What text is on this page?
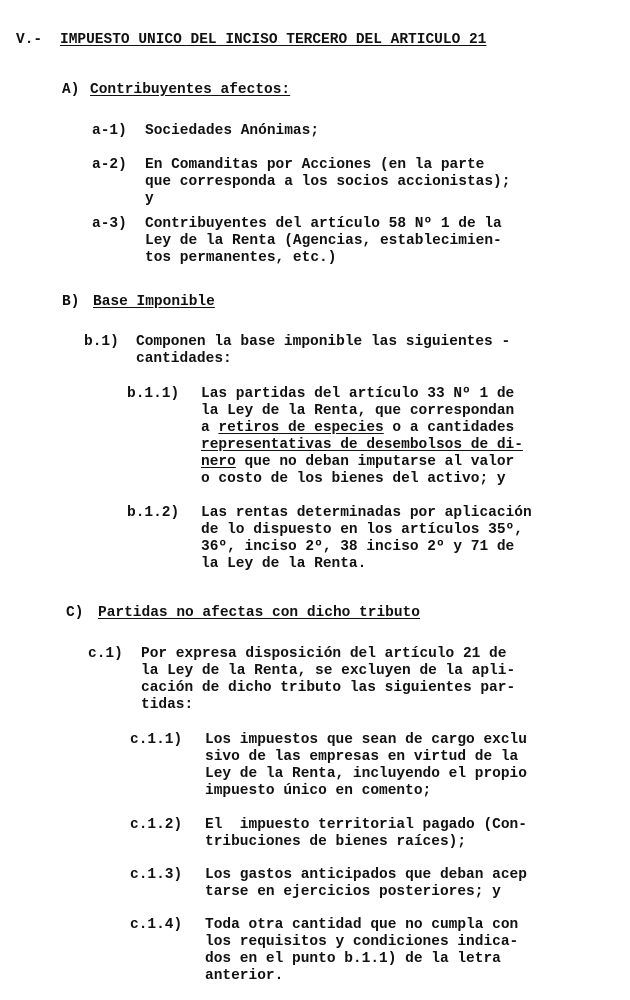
V.- IMPUESTO UNICO DEL INCISO TERCERO DEL ARTICULO 21
A) Contribuyentes afectos:
a-1) Sociedades Anónimas;
a-2) En Comanditas por Acciones (en la parte
que corresponda a los socios accionistas);
y
a-3) Contribuyentes del artículo 58 Nº 1 de la
Ley de la Renta (Agencias, establecimien-
tos permanentes, etc.)
B) Base Imponible
b.1) Componen la base imponible las siguientes -
cantidades:
b.1.1) Las partidas del artículo 33 Nº 1 de
la Ley de la Renta, que correspondan
a retiros de especies o a cantidades
representativas de desembolsos de di-
nero que no deban imputarse al valor
o costo de los bienes del activo; y
b.1.2) Las rentas determinadas por aplicación
de lo dispuesto en los artículos 35º,
36º, inciso 2º, 38 inciso 2º y 71 de
la Ley de la Renta.
C) Partidas no afectas con dicho tributo
c.1) Por expresa disposición del artículo 21 de
la Ley de la Renta, se excluyen de la apli-
cación de dicho tributo las siguientes par-
tidas:
c.1.1) Los impuestos que sean de cargo exclu
sivo de las empresas en virtud de la
Ley de la Renta, incluyendo el propio
impuesto único en comento;
c.1.2) El  impuesto territorial pagado (Con-
tribuciones de bienes raíces);
c.1.3) Los gastos anticipados que deban acep
tarse en ejercicios posteriores; y
c.1.4) Toda otra cantidad que no cumpla con
los requisitos y condiciones indica-
dos en el punto b.1.1) de la letra
anterior.
